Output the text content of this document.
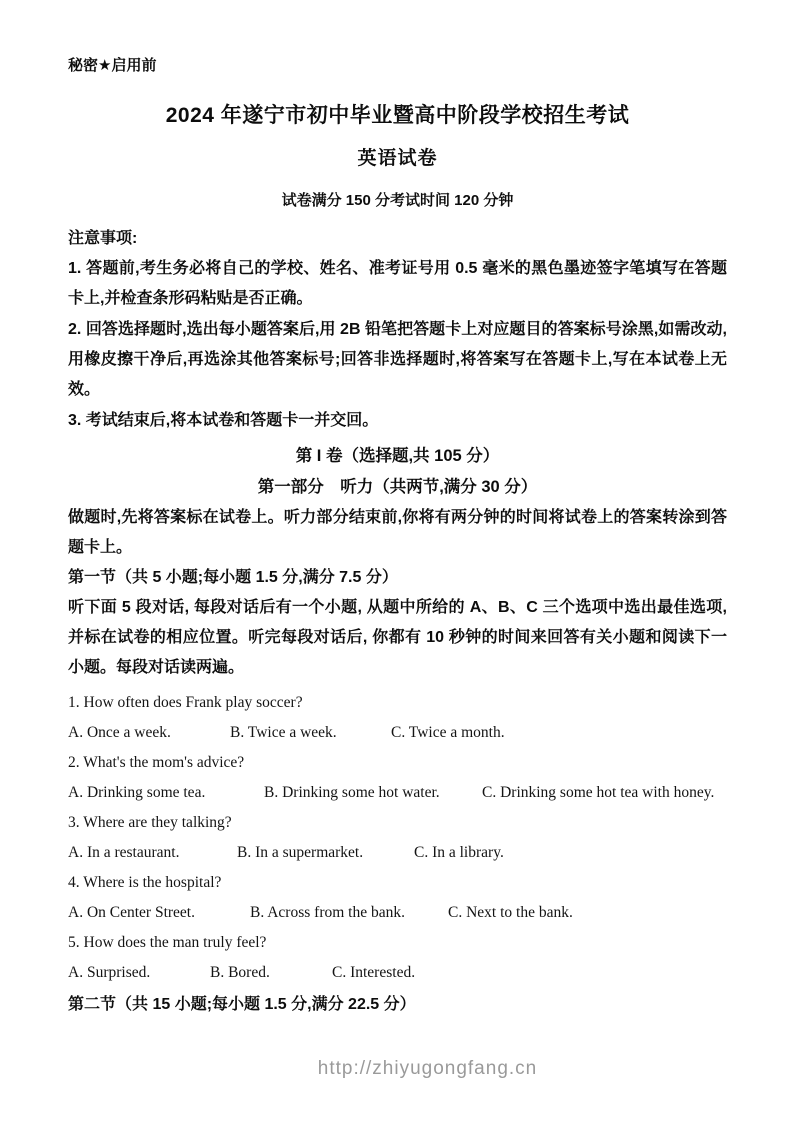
秘密★启用前
2024 年遂宁市初中毕业暨高中阶段学校招生考试
英语试卷
试卷满分 150 分考试时间 120 分钟
注意事项:

1. 答题前,考生务必将自己的学校、姓名、准考证号用 0.5 毫米的黑色墨迹签字笔填写在答题卡上,并检查条形码粘贴是否正确。

2. 回答选择题时,选出每小题答案后,用 2B 铅笔把答题卡上对应题目的答案标号涂黑,如需改动,用橡皮擦干净后,再选涂其他答案标号;回答非选择题时,将答案写在答题卡上,写在本试卷上无效。

3. 考试结束后,将本试卷和答题卡一并交回。

第 I 卷（选择题,共 105 分）

第一部分　听力（共两节,满分 30 分）

做题时,先将答案标在试卷上。听力部分结束前,你将有两分钟的时间将试卷上的答案转涂到答题卡上。

第一节（共 5 小题;每小题 1.5 分,满分 7.5 分）

听下面 5 段对话, 每段对话后有一个小题, 从题中所给的 A、B、C 三个选项中选出最佳选项, 并标在试卷的相应位置。听完每段对话后, 你都有 10 秒钟的时间来回答有关小题和阅读下一小题。每段对话读两遍。

1. How often does Frank play soccer?

A. Once a week.	B. Twice a week.	C. Twice a month.

2. What's the mom's advice?

A. Drinking some tea.	B. Drinking some hot water.	C. Drinking some hot tea with honey.

3. Where are they talking?

A. In a restaurant.	B. In a supermarket.	C. In a library.

4. Where is the hospital?

A. On Center Street.	B. Across from the bank.	C. Next to the bank.

5. How does the man truly feel?

A. Surprised.	B. Bored.	C. Interested.

第二节（共 15 小题;每小题 1.5 分,满分 22.5 分）

http://zhiyugongfang.cn
